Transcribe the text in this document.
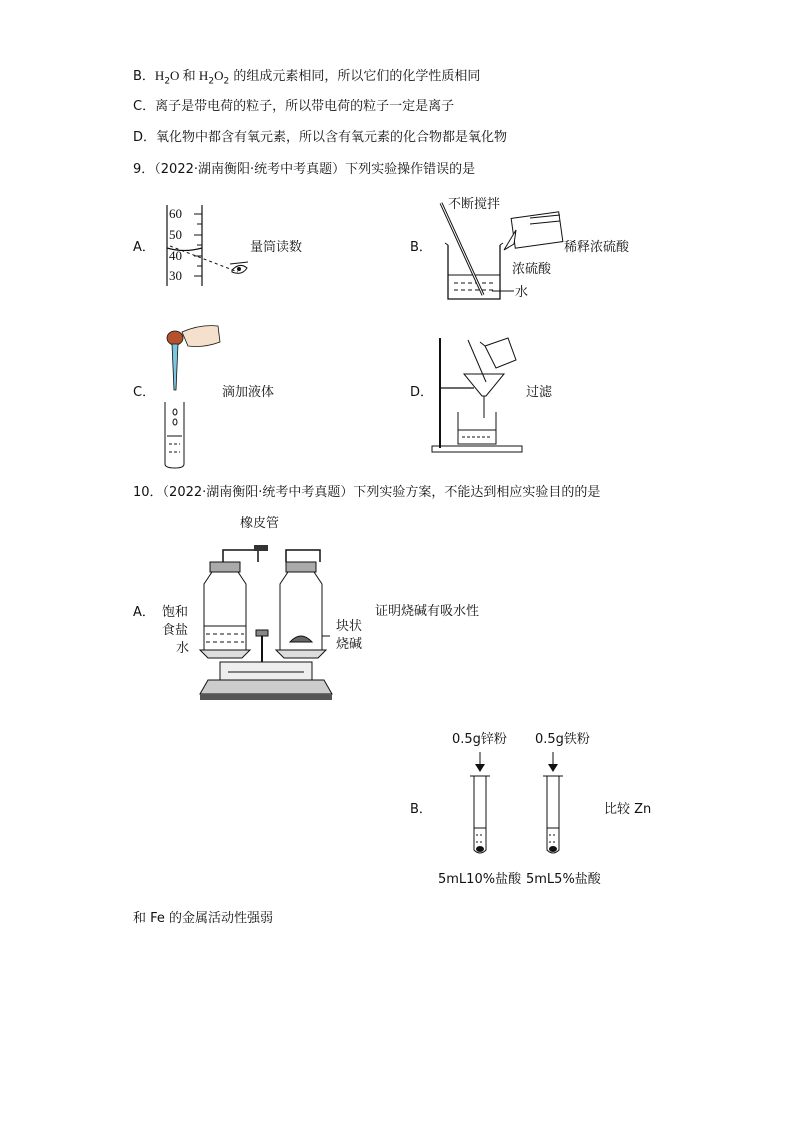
B．$H_2O$ 和 $H_2O_2$ 的组成元素相同，所以它们的化学性质相同
C．离子是带电荷的粒子，所以带电荷的粒子一定是离子
D．氧化物中都含有氧元素，所以含有氧元素的化合物都是氧化物
9．（2022·湖南衡阳·统考中考真题）下列实验操作错误的是
A．
60
50
40
30
量筒读数	B．
不断搅拌
稀释浓硫酸
浓硫酸
水
C．	滴加液体	D．	过滤
10．（2022·湖南衡阳·统考中考真题）下列实验方案，不能达到相应实验目的的是
橡皮管
A． 饱和
食盐
水
块状
烧碱
证明烧碱有吸水性
0.5g锌粉 0.5g铁粉
B．	比较 Zn
5mL10%盐酸 5mL5%盐酸
和 Fe 的金属活动性强弱
